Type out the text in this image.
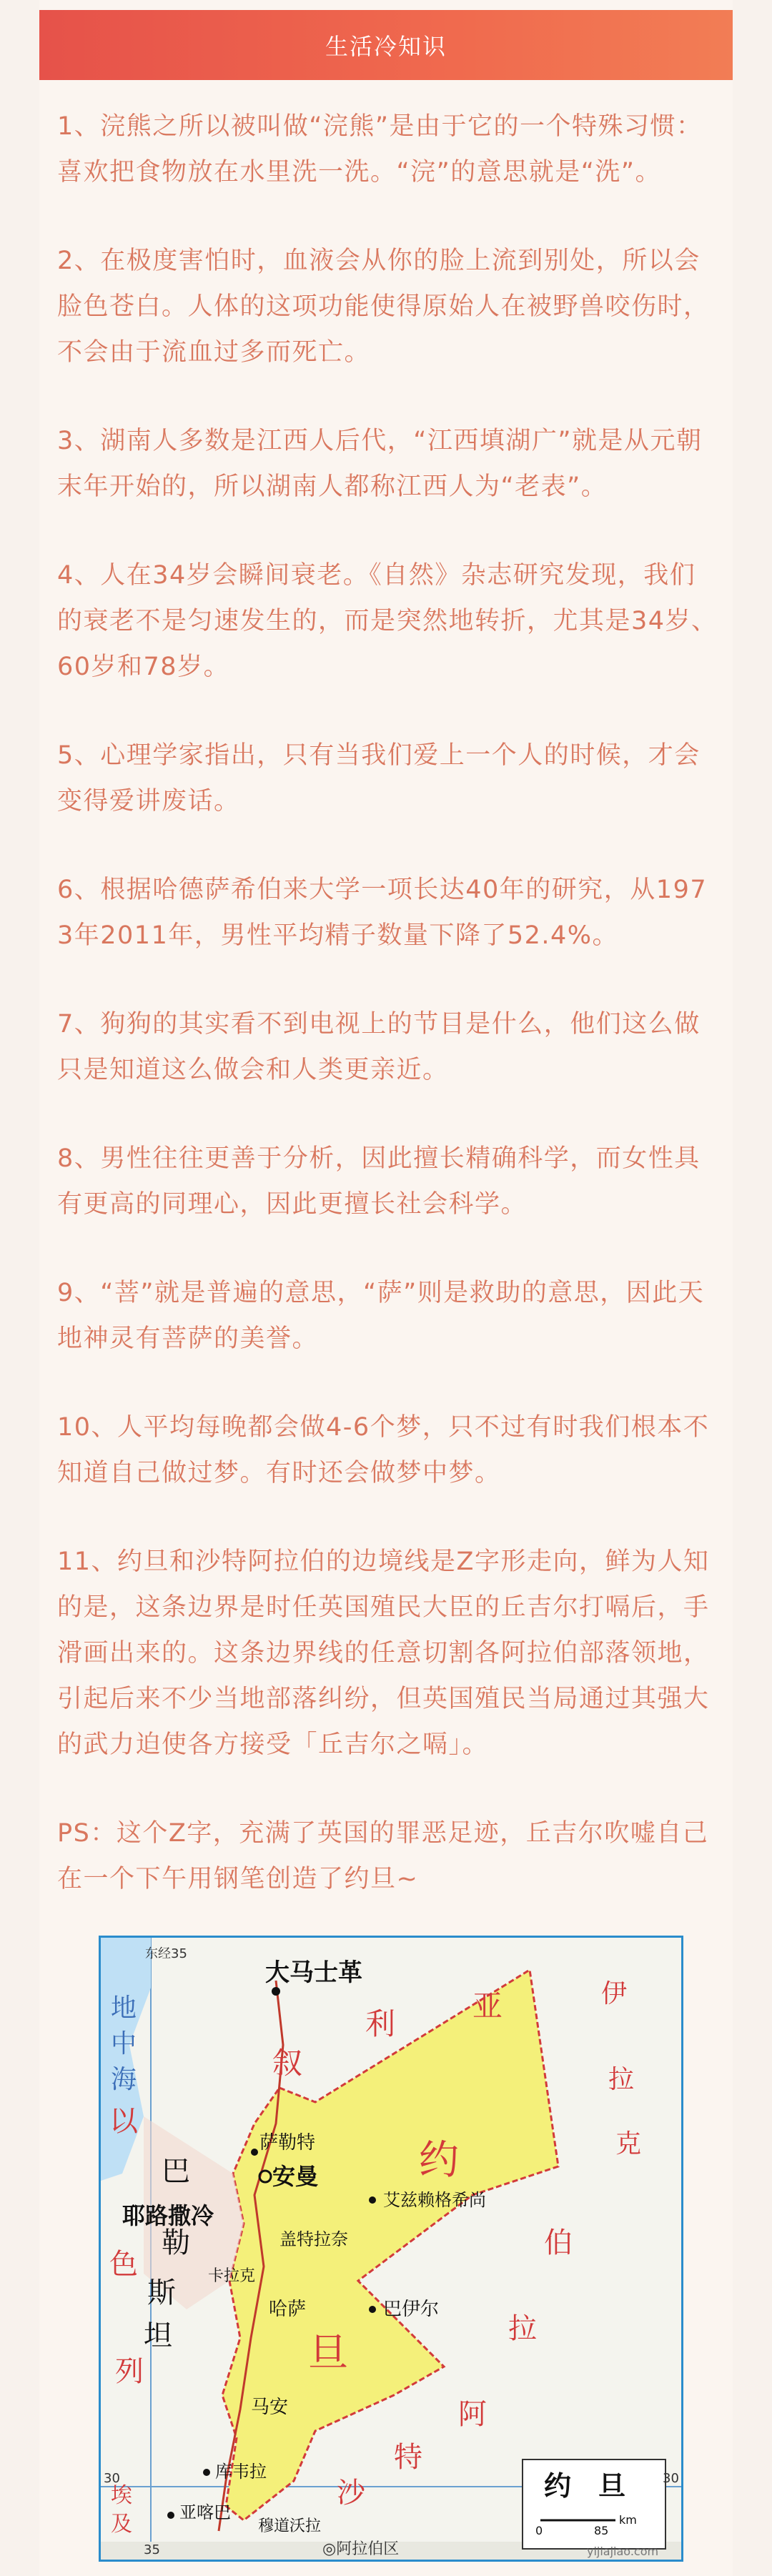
生活冷知识

1、浣熊之所以被叫做“浣熊”是由于它的一个特殊习惯：喜欢把食物放在水里洗一洗。“浣”的意思就是“洗”。

2、在极度害怕时，血液会从你的脸上流到别处，所以会脸色苍白。人体的这项功能使得原始人在被野兽咬伤时，不会由于流血过多而死亡。

3、湖南人多数是江西人后代，“江西填湖广”就是从元朝末年开始的，所以湖南人都称江西人为“老表”。

4、人在34岁会瞬间衰老。《自然》杂志研究发现，我们的衰老不是匀速发生的，而是突然地转折，尤其是34岁、60岁和78岁。

5、心理学家指出，只有当我们爱上一个人的时候，才会变得爱讲废话。

6、根据哈德萨希伯来大学一项长达40年的研究，从1973年2011年，男性平均精子数量下降了52.4%。

7、狗狗的其实看不到电视上的节目是什么，他们这么做只是知道这么做会和人类更亲近。

8、男性往往更善于分析，因此擅长精确科学，而女性具有更高的同理心，因此更擅长社会科学。

9、“菩”就是普遍的意思，“萨”则是救助的意思，因此天地神灵有菩萨的美誉。

10、人平均每晚都会做4-6个梦，只不过有时我们根本不知道自己做过梦。有时还会做梦中梦。

11、约旦和沙特阿拉伯的边境线是Z字形走向，鲜为人知的是，这条边界是时任英国殖民大臣的丘吉尔打嗝后，手滑画出来的。这条边界线的任意切割各阿拉伯部落领地，引起后来不少当地部落纠纷，但英国殖民当局通过其强大的武力迫使各方接受「丘吉尔之嗝」。

PS：这个Z字，充满了英国的罪恶足迹，丘吉尔吹嘘自己在一个下午用钢笔创造了约旦~

东经35
大马士革
叙
利
亚	伊
拉
克
地
中
海
以
巴
勒
斯
坦
色
列
耶路撒冷
安曼
萨勒特
艾兹赖格希尚
盖特拉奈
卡拉克
哈萨	巴伊尔
马安
库韦拉
亚喀巴
穆道沃拉
约
旦
伯
拉
阿
特
沙
◎阿拉伯区
埃
及
30	30
35
约　旦
0	85
km
yijiajiao.com
